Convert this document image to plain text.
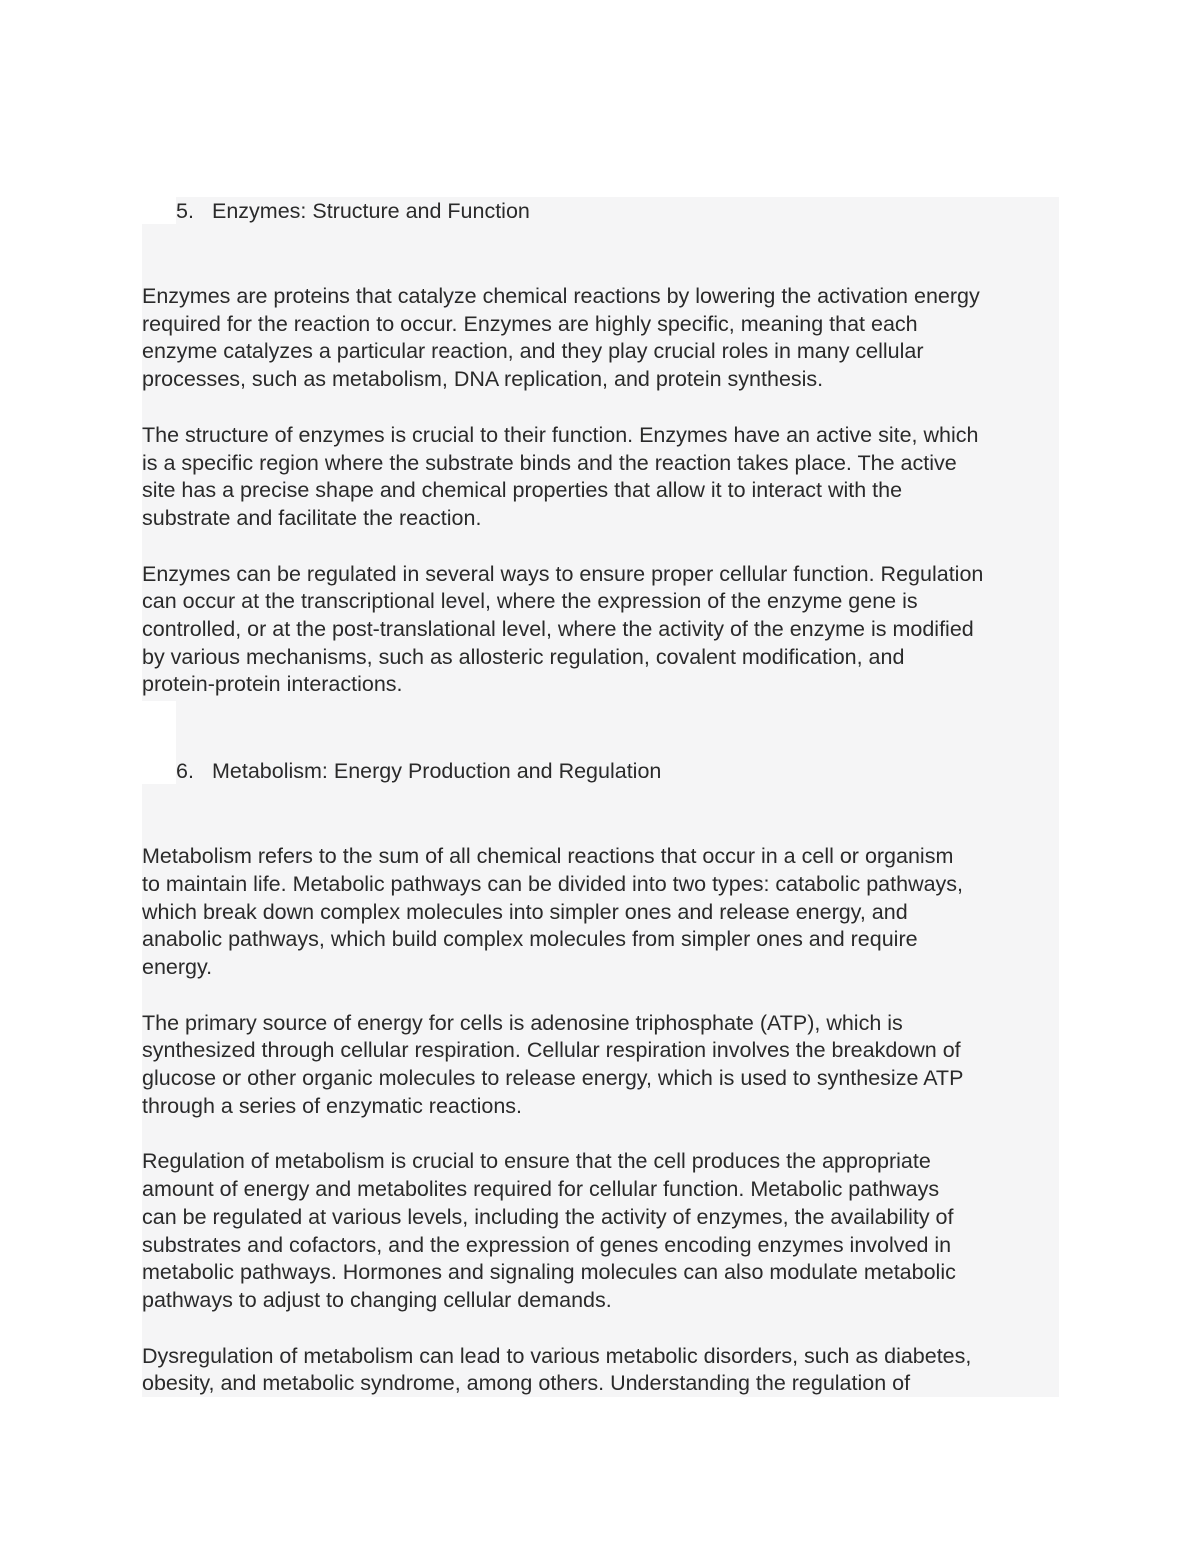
5. Enzymes: Structure and Function

Enzymes are proteins that catalyze chemical reactions by lowering the activation energy
required for the reaction to occur. Enzymes are highly specific, meaning that each
enzyme catalyzes a particular reaction, and they play crucial roles in many cellular
processes, such as metabolism, DNA replication, and protein synthesis.

The structure of enzymes is crucial to their function. Enzymes have an active site, which
is a specific region where the substrate binds and the reaction takes place. The active
site has a precise shape and chemical properties that allow it to interact with the
substrate and facilitate the reaction.

Enzymes can be regulated in several ways to ensure proper cellular function. Regulation
can occur at the transcriptional level, where the expression of the enzyme gene is
controlled, or at the post-translational level, where the activity of the enzyme is modified
by various mechanisms, such as allosteric regulation, covalent modification, and
protein-protein interactions.

6. Metabolism: Energy Production and Regulation

Metabolism refers to the sum of all chemical reactions that occur in a cell or organism
to maintain life. Metabolic pathways can be divided into two types: catabolic pathways,
which break down complex molecules into simpler ones and release energy, and
anabolic pathways, which build complex molecules from simpler ones and require
energy.

The primary source of energy for cells is adenosine triphosphate (ATP), which is
synthesized through cellular respiration. Cellular respiration involves the breakdown of
glucose or other organic molecules to release energy, which is used to synthesize ATP
through a series of enzymatic reactions.

Regulation of metabolism is crucial to ensure that the cell produces the appropriate
amount of energy and metabolites required for cellular function. Metabolic pathways
can be regulated at various levels, including the activity of enzymes, the availability of
substrates and cofactors, and the expression of genes encoding enzymes involved in
metabolic pathways. Hormones and signaling molecules can also modulate metabolic
pathways to adjust to changing cellular demands.

Dysregulation of metabolism can lead to various metabolic disorders, such as diabetes,
obesity, and metabolic syndrome, among others. Understanding the regulation of
